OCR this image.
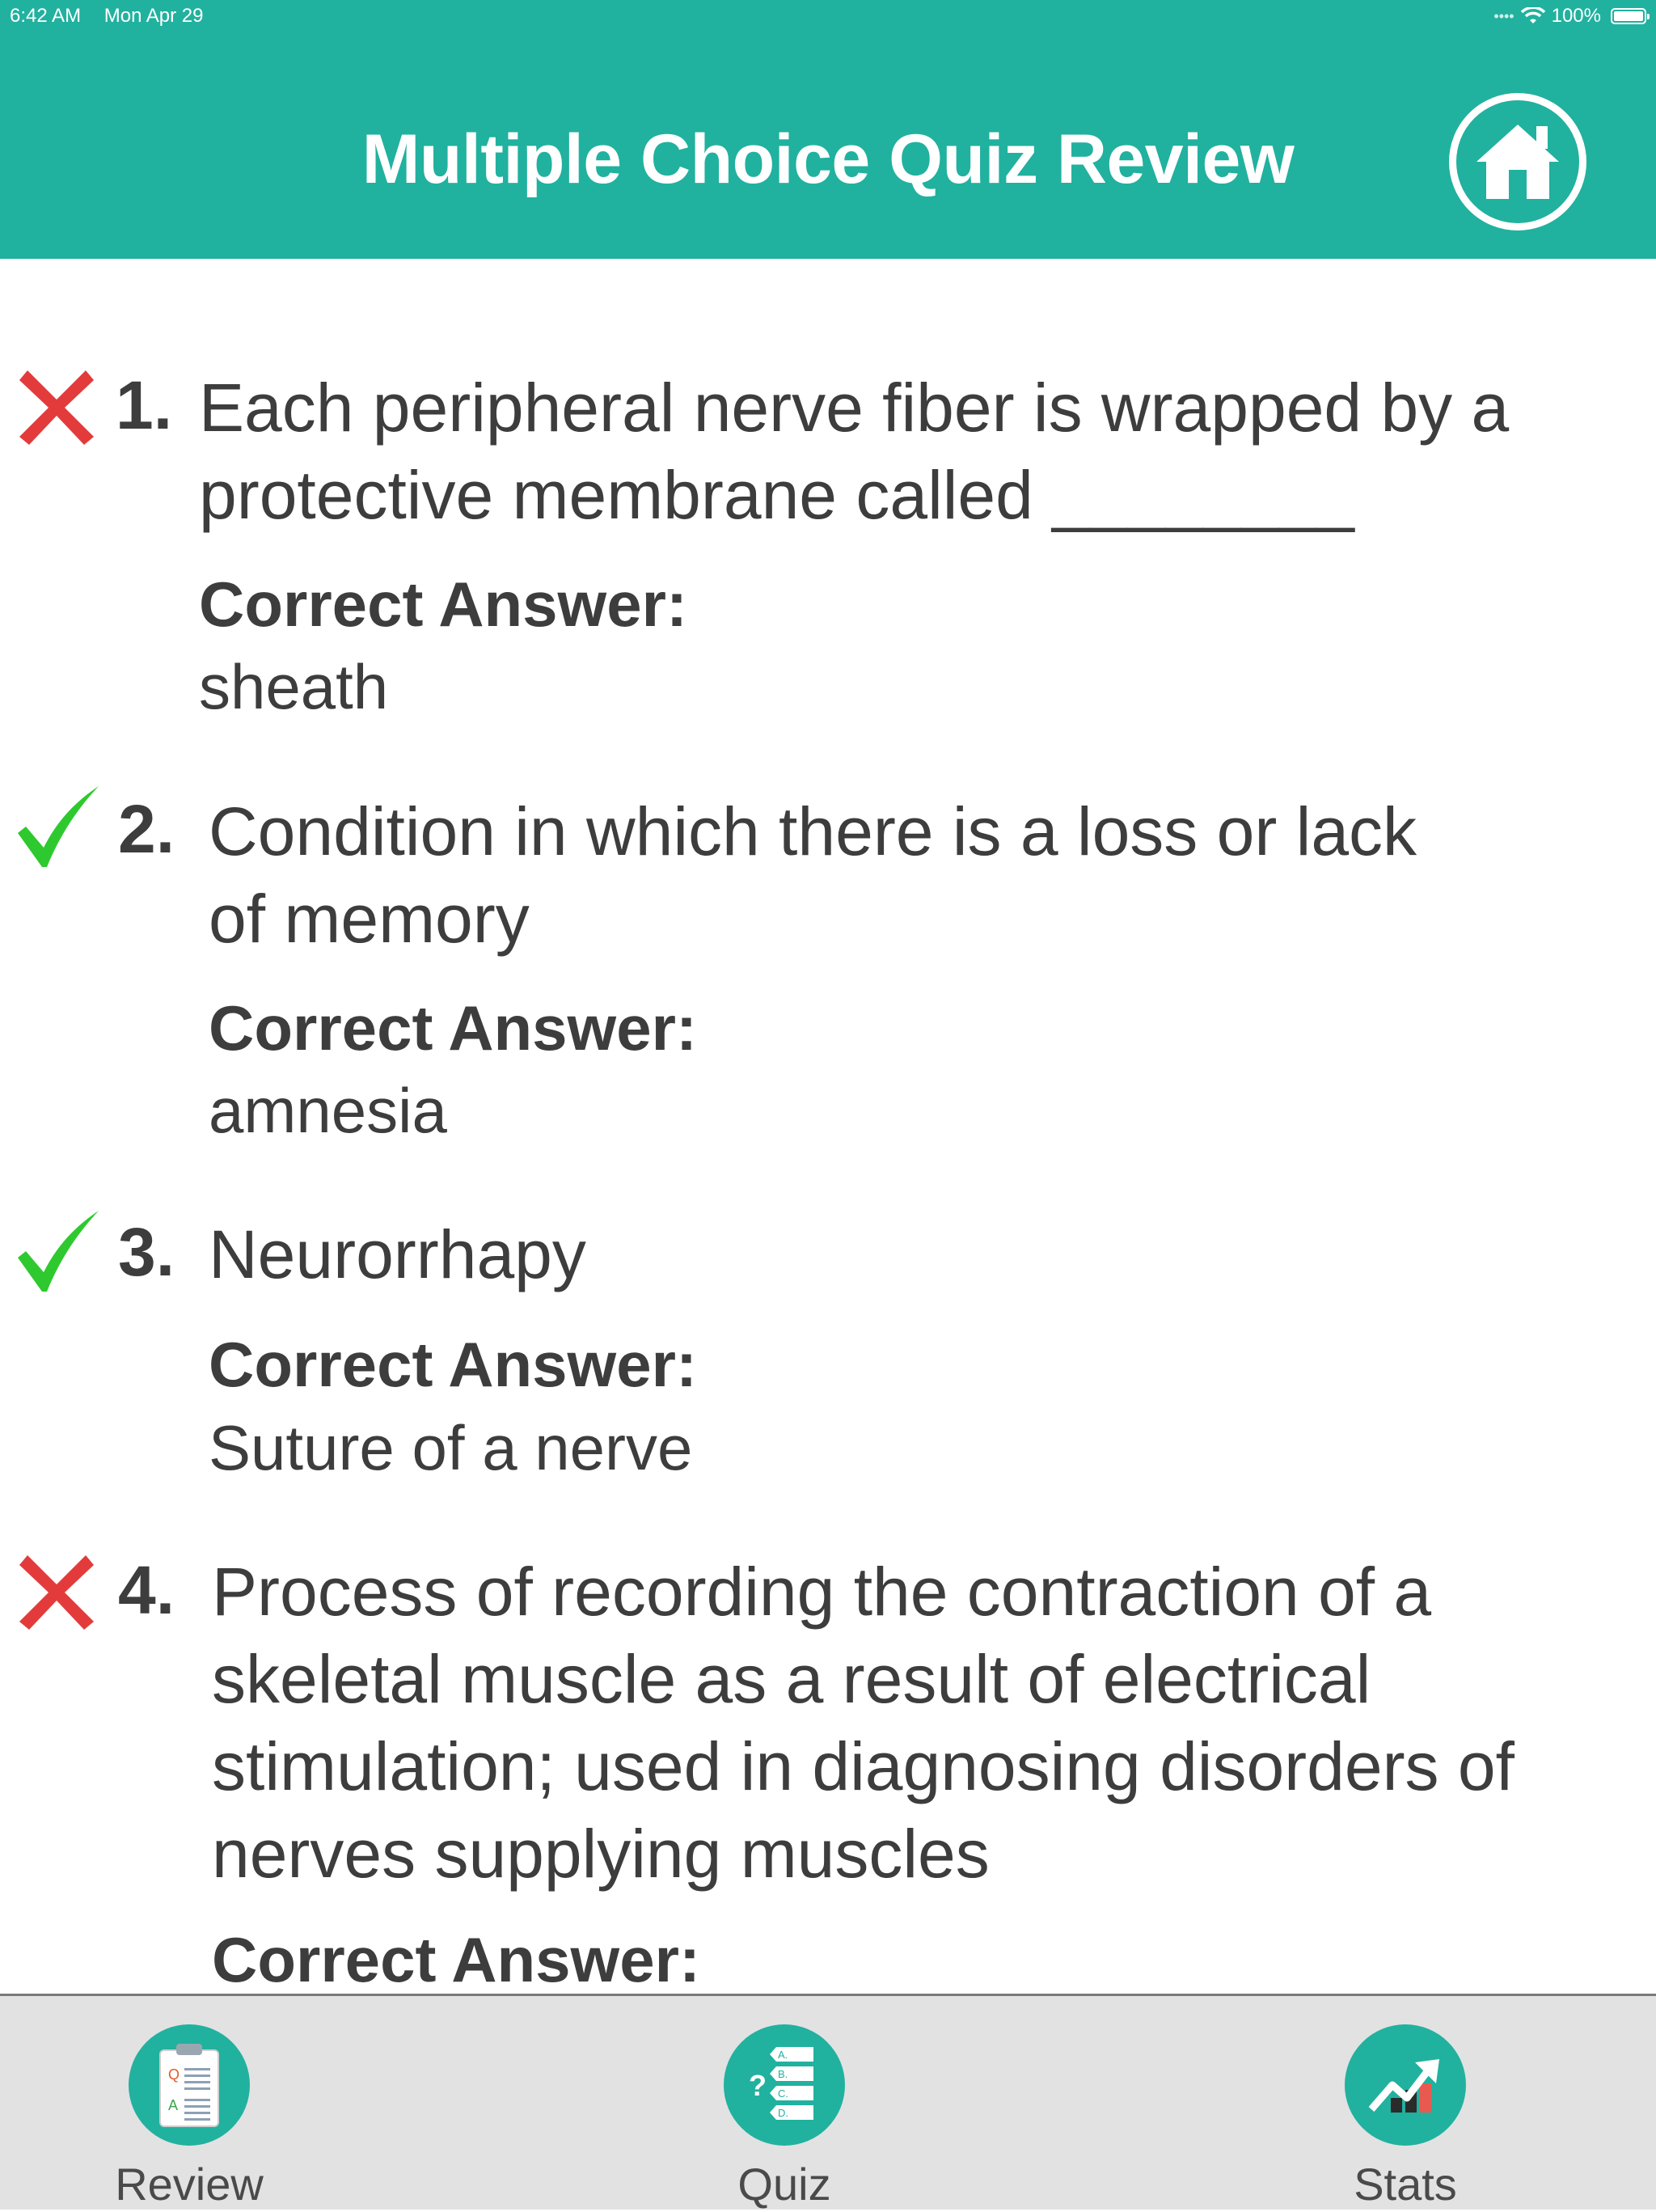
6:42 AM Mon Apr 29	•••• 100%
Multiple Choice Quiz Review
1. Each peripheral nerve fiber is wrapped by a
protective membrane called ________
Correct Answer:
sheath
2. Condition in which there is a loss or lack
of memory
Correct Answer:
amnesia
3. Neurorrhapy
Correct Answer:
Suture of a nerve
4. Process of recording the contraction of a
skeletal muscle as a result of electrical
stimulation; used in diagnosing disorders of
nerves supplying muscles
Correct Answer:
Q
A
Review
?
A.
B.
C.
D.
Quiz	Stats
